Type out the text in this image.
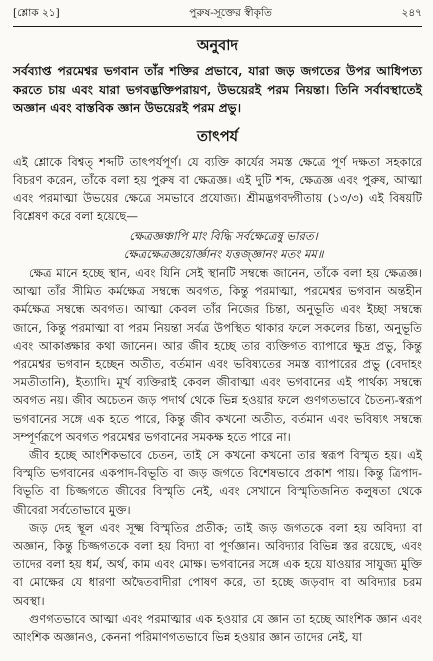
[শ্লোক ২১]	পুরুষ-সূক্তের স্বীকৃতি	২৪৭
অনুবাদ

সর্বব্যাপ্ত পরমেশ্বর ভগবান তাঁর শক্তির প্রভাবে, যারা জড় জগতের উপর আধিপত্য করতে চায় এবং যারা ভগবদ্ভক্তিপরায়ণ, উভয়েরই পরম নিয়ন্তা। তিনি সর্বাবস্থাতেই অজ্ঞান এবং বাস্তবিক জ্ঞান উভয়েরই পরম প্রভু।

তাৎপর্য

এই শ্লোকে বিশ্বত্ শব্দটি তাৎপর্যপূর্ণ। যে ব্যক্তি কার্যের সমস্ত ক্ষেত্রে পূর্ণ দক্ষতা সহকারে বিচরণ করেন, তাঁকে বলা হয় পুরুষ বা ক্ষেত্রজ্ঞ। এই দুটি শব্দ, ক্ষেত্রজ্ঞ এবং পুরুষ, আত্মা এবং পরমাত্মা উভয়ের ক্ষেত্রে সমভাবে প্রযোজ্য। শ্রীমদ্ভগবদ্গীতায় (১৩/৩) এই বিষয়টি বিশ্লেষণ করে বলা হয়েছে—

ক্ষেত্রজ্ঞঞ্চাপি মাং বিদ্ধি সর্বক্ষেত্রেষু ভারত।
ক্ষেত্রক্ষেত্রজ্ঞয়োর্জ্ঞানং যত্তজ্জ্ঞানং মতং মম॥

ক্ষেত্র মানে হচ্ছে স্থান, এবং যিনি সেই স্থানটি সম্বন্ধে জানেন, তাঁকে বলা হয় ক্ষেত্রজ্ঞ। আত্মা তাঁর সীমিত কর্মক্ষেত্র সম্বন্ধে অবগত, কিন্তু পরমাত্মা, পরমেশ্বর ভগবান অন্তহীন কর্মক্ষেত্র সম্বন্ধে অবগত। আত্মা কেবল তাঁর নিজের চিন্তা, অনুভূতি এবং ইচ্ছা সম্বন্ধে জানে, কিন্তু পরমাত্মা বা পরম নিয়ন্তা সর্বত্র উপস্থিত থাকার ফলে সকলের চিন্তা, অনুভূতি এবং আকাঙ্ক্ষার কথা জানেন। আর জীব হচ্ছে তার ব্যক্তিগত ব্যাপারে ক্ষুদ্র প্রভু, কিন্তু পরমেশ্বর ভগবান হচ্ছেন অতীত, বর্তমান এবং ভবিষ্যতের সমস্ত ব্যাপারের প্রভু (বেদাহং সমতীতানি), ইত্যাদি। মূর্খ ব্যক্তিরাই কেবল জীবাত্মা এবং ভগবানের এই পার্থক্য সম্বন্ধে অবগত নয়। জীব অচেতন জড় পদার্থ থেকে ভিন্ন হওয়ার ফলে গুণগতভাবে চৈতন্য-স্বরূপ ভগবানের সঙ্গে এক হতে পারে, কিন্তু জীব কখনো অতীত, বর্তমান এবং ভবিষ্যৎ সম্বন্ধে সম্পূর্ণরূপে অবগত পরমেশ্বর ভগবানের সমকক্ষ হতে পারে না।

জীব হচ্ছে আংশিকভাবে চেতন, তাই সে কখনো কখনো তার স্বরূপ বিস্মৃত হয়। এই বিস্মৃতি ভগবানের একপাদ-বিভূতি বা জড় জগতে বিশেষভাবে প্রকাশ পায়। কিন্তু ত্রিপাদ-বিভূতি বা চিজ্জগতে জীবের বিস্মৃতি নেই, এবং সেখানে বিস্মৃতিজনিত কলুষতা থেকে জীবেরা সর্বতোভাবে মুক্ত।

জড় দেহ স্থূল এবং সূক্ষ্ম বিস্মৃতির প্রতীক; তাই জড় জগতকে বলা হয় অবিদ্যা বা অজ্ঞান, কিন্তু চিজ্জগতকে বলা হয় বিদ্যা বা পূর্ণজ্ঞান। অবিদ্যার বিভিন্ন স্তর রয়েছে, এবং তাদের বলা হয় ধর্ম, অর্থ, কাম এবং মোক্ষ। ভগবানের সঙ্গে এক হয়ে যাওয়ার সাযুজ্য মুক্তি বা মোক্ষের যে ধারণা অদ্বৈতবাদীরা পোষণ করে, তা হচ্ছে জড়বাদ বা অবিদ্যার চরম অবস্থা।

গুণগতভাবে আত্মা এবং পরমাত্মার এক হওয়ার যে জ্ঞান তা হচ্ছে আংশিক জ্ঞান এবং আংশিক অজ্ঞানও, কেননা পরিমাণগতভাবে ভিন্ন হওয়ার জ্ঞান তাদের নেই, যা
